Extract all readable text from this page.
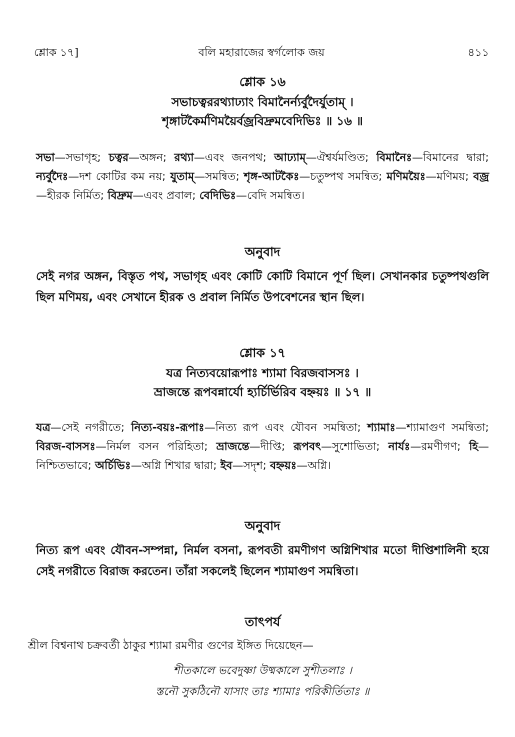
শ্লোক ১৭]	বলি মহারাজের স্বর্গলোক জয়	৪১১
শ্লোক ১৬
সভাচত্বররথ্যাঢ্যাং বিমানৈর্ন্যর্বুদৈর্যুতাম্ ।
শৃঙ্গাটকৈর্মণিময়ৈর্বজ্রবিদ্রুমবেদিভিঃ ॥ ১৬ ॥
সভা—সভাগৃহ; চত্বর—অঙ্গন; রথ্যা—এবং জনপথ; আঢ্যাম্—ঐশ্বর্যমণ্ডিত; বিমানৈঃ—বিমানের দ্বারা; ন্যর্বুদৈঃ—দশ কোটির কম নয়; যুতাম্—সমন্বিত; শৃঙ্গ-আটকৈঃ—চতুষ্পথ সমন্বিত; মণিময়ৈঃ—মণিময়; বজ্র—হীরক নির্মিত; বিদ্রুম—এবং প্রবাল; বেদিভিঃ—বেদি সমন্বিত।
অনুবাদ
সেই নগর অঙ্গন, বিস্তৃত পথ, সভাগৃহ এবং কোটি কোটি বিমানে পূর্ণ ছিল। সেখানকার চতুষ্পথগুলি ছিল মণিময়, এবং সেখানে হীরক ও প্রবাল নির্মিত উপবেশনের স্থান ছিল।
শ্লোক ১৭
যত্র নিত্যবয়োরূপাঃ শ্যামা বিরজবাসসঃ ।
ভ্রাজন্তে রূপবন্নার্যো হ্যর্চির্ভিরিব বহ্নয়ঃ ॥ ১৭ ॥
যত্র—সেই নগরীতে; নিত্য-বয়ঃ-রূপাঃ—নিত্য রূপ এবং যৌবন সমন্বিতা; শ্যামাঃ—শ্যামাগুণ সমন্বিতা; বিরজ-বাসসঃ—নির্মল বসন পরিহিতা; ভ্রাজন্তে—দীপ্তি; রূপবৎ—সুশোভিতা; নার্যঃ—রমণীগণ; হি—নিশ্চিতভাবে; অর্চিভিঃ—অগ্নি শিখার দ্বারা; ইব—সদৃশ; বহ্নয়ঃ—অগ্নি।
অনুবাদ
নিত্য রূপ এবং যৌবন-সম্পন্না, নির্মল বসনা, রূপবতী রমণীগণ অগ্নিশিখার মতো দীপ্তিশালিনী হয়ে সেই নগরীতে বিরাজ করতেন। তাঁরা সকলেই ছিলেন শ্যামাগুণ সমন্বিতা।
তাৎপর্য
শ্রীল বিশ্বনাথ চক্রবর্তী ঠাকুর শ্যামা রমণীর গুণের ইঙ্গিত দিয়েছেন—
শীতকালে ভবেদুষ্ণা উষ্মকালে সুশীতলাঃ ।
স্তনৌ সুকঠিনৌ যাসাং তাঃ শ্যামাঃ পরিকীর্তিতাঃ ॥
